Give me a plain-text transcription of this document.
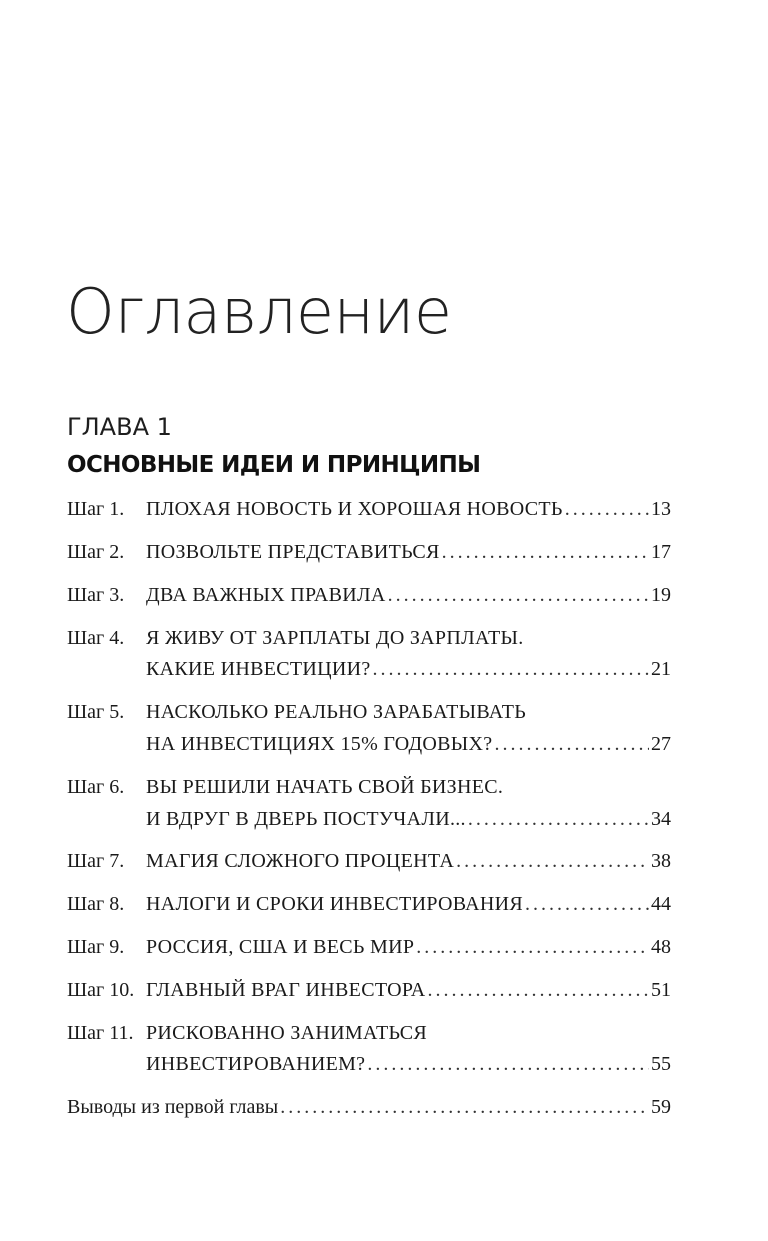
Оглавление
ГЛАВА 1
ОСНОВНЫЕ ИДЕИ И ПРИНЦИПЫ
Шаг 1.	ПЛОХАЯ НОВОСТЬ И ХОРОШАЯ НОВОСТЬ . . .	13
Шаг 2.	ПОЗВОЛЬТЕ ПРЕДСТАВИТЬСЯ . . .	17
Шаг 3.	ДВА ВАЖНЫХ ПРАВИЛА . . .	19
Шаг 4.	Я ЖИВУ ОТ ЗАРПЛАТЫ ДО ЗАРПЛАТЫ.
КАКИЕ ИНВЕСТИЦИИ? . . .	21
Шаг 5.	НАСКОЛЬКО РЕАЛЬНО ЗАРАБАТЫВАТЬ
НА ИНВЕСТИЦИЯХ 15% ГОДОВЫХ? . . .	27
Шаг 6.	ВЫ РЕШИЛИ НАЧАТЬ СВОЙ БИЗНЕС.
И ВДРУГ В ДВЕРЬ ПОСТУЧАЛИ... . . .	34
Шаг 7.	МАГИЯ СЛОЖНОГО ПРОЦЕНТА . . .	38
Шаг 8.	НАЛОГИ И СРОКИ ИНВЕСТИРОВАНИЯ . . .	44
Шаг 9.	РОССИЯ, США И ВЕСЬ МИР . . .	48
Шаг 10. ГЛАВНЫЙ ВРАГ ИНВЕСТОРА . . .	51
Шаг 11. РИСКОВАННО ЗАНИМАТЬСЯ
ИНВЕСТИРОВАНИЕМ? . . .	55
Выводы из первой главы . . .	59
